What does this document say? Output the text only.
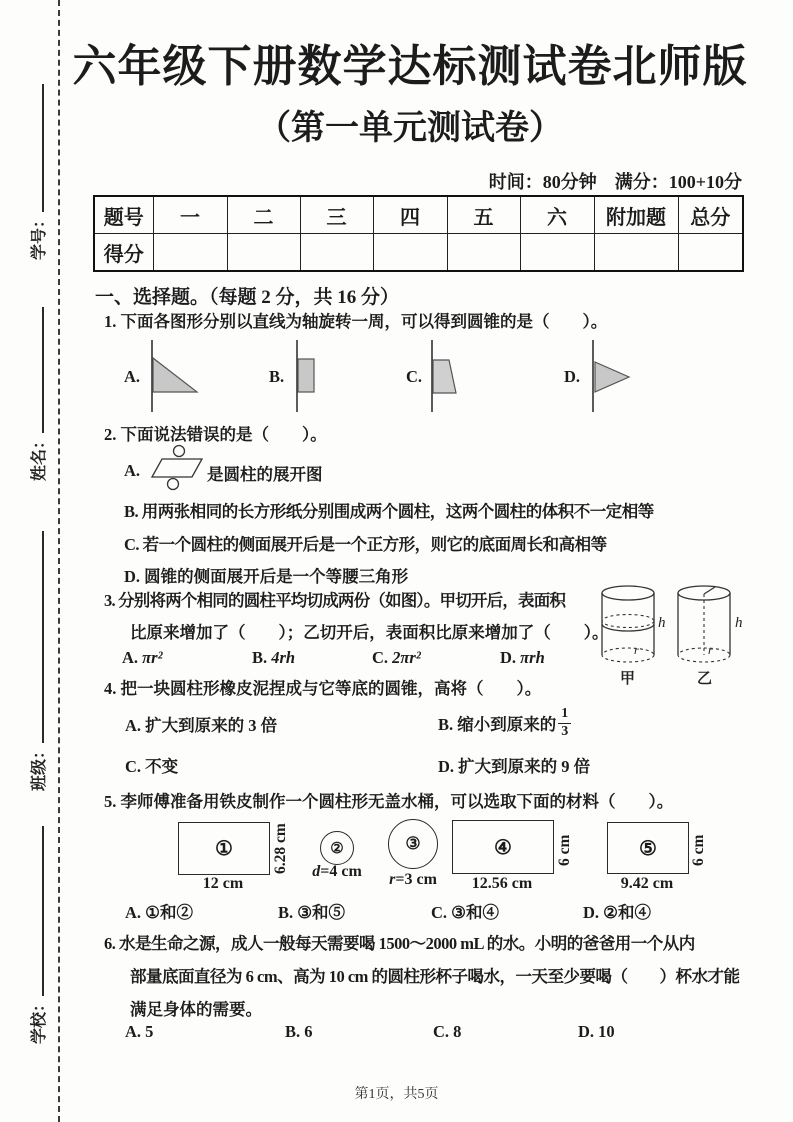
学号：
姓名：
班级：
学校：
六年级下册数学达标测试卷北师版
（第一单元测试卷）
时间：80分钟　满分：100+10分
题号	一	二	三	四	五	六	附加题	总分
得分								
一、选择题。（每题 2 分，共 16 分）
1. 下面各图形分别以直线为轴旋转一周，可以得到圆锥的是（　　）。
A.	B.	C.	D.
2. 下面说法错误的是（　　）。
A.	是圆柱的展开图
B. 用两张相同的长方形纸分别围成两个圆柱，这两个圆柱的体积不一定相等
C. 若一个圆柱的侧面展开后是一个正方形，则它的底面周长和高相等
D. 圆锥的侧面展开后是一个等腰三角形
3. 分别将两个相同的圆柱平均切成两份（如图）。甲切开后，表面积
比原来增加了（　　）；乙切开后，表面积比原来增加了（　　）。
A. πr²	B. 4rh	C. 2πr²	D. πrh
h
r
甲
h
r
乙
4. 把一块圆柱形橡皮泥捏成与它等底的圆锥，高将（　　）。
A. 扩大到原来的 3 倍	B. 缩小到原来的 $\frac{1}{3}$
C. 不变	D. 扩大到原来的 9 倍
5. 李师傅准备用铁皮制作一个圆柱形无盖水桶，可以选取下面的材料（　　）。
①
12 cm
6.28 cm	②
d=4 cm
③
r=3 cm
④
12.56 cm
6 cm	⑤
9.42 cm
6 cm
A. ①和②	B. ③和⑤	C. ③和④	D. ②和④
6. 水是生命之源，成人一般每天需要喝 1500～2000 mL 的水。小明的爸爸用一个从内
部量底面直径为 6 cm、高为 10 cm 的圆柱形杯子喝水，一天至少要喝（　　）杯水才能
满足身体的需要。
A. 5	B. 6	C. 8	D. 10
第1页，共5页
